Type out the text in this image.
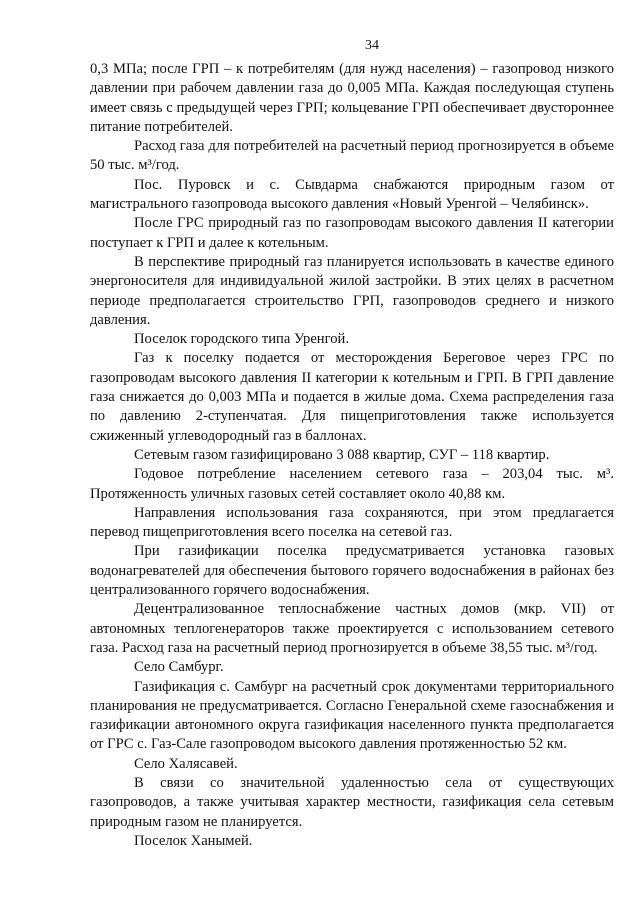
34

0,3 МПа; после ГРП – к потребителям (для нужд населения) – газопровод низкого давлении при рабочем давлении газа до 0,005 МПа. Каждая последующая ступень имеет связь с предыдущей через ГРП; кольцевание ГРП обеспечивает двустороннее питание потребителей.

Расход газа для потребителей на расчетный период прогнозируется в объеме 50 тыс. м³/год.

Пос. Пуровск и с. Сывдарма снабжаются природным газом от магистрального газопровода высокого давления «Новый Уренгой – Челябинск».

После ГРС природный газ по газопроводам высокого давления II категории поступает к ГРП и далее к котельным.

В перспективе природный газ планируется использовать в качестве единого энергоносителя для индивидуальной жилой застройки. В этих целях в расчетном периоде предполагается строительство ГРП, газопроводов среднего и низкого давления.

Поселок городского типа Уренгой.

Газ к поселку подается от месторождения Береговое через ГРС по газопроводам высокого давления II категории к котельным и ГРП. В ГРП давление газа снижается до 0,003 МПа и подается в жилые дома. Схема распределения газа по давлению 2-ступенчатая. Для пищеприготовления также используется сжиженный углеводородный газ в баллонах.

Сетевым газом газифицировано 3 088 квартир, СУГ – 118 квартир.

Годовое потребление населением сетевого газа – 203,04 тыс. м³. Протяженность уличных газовых сетей составляет около 40,88 км.

Направления использования газа сохраняются, при этом предлагается перевод пищеприготовления всего поселка на сетевой газ.

При газификации поселка предусматривается установка газовых водонагревателей для обеспечения бытового горячего водоснабжения в районах без централизованного горячего водоснабжения.

Децентрализованное теплоснабжение частных домов (мкр. VII) от автономных теплогенераторов также проектируется с использованием сетевого газа. Расход газа на расчетный период прогнозируется в объеме 38,55 тыс. м³/год.

Село Самбург.

Газификация с. Самбург на расчетный срок документами территориального планирования не предусматривается. Согласно Генеральной схеме газоснабжения и газификации автономного округа газификация населенного пункта предполагается от ГРС с. Газ-Сале газопроводом высокого давления протяженностью 52 км.

Село Халясавей.

В связи со значительной удаленностью села от существующих газопроводов, а также учитывая характер местности, газификация села сетевым природным газом не планируется.

Поселок Ханымей.
